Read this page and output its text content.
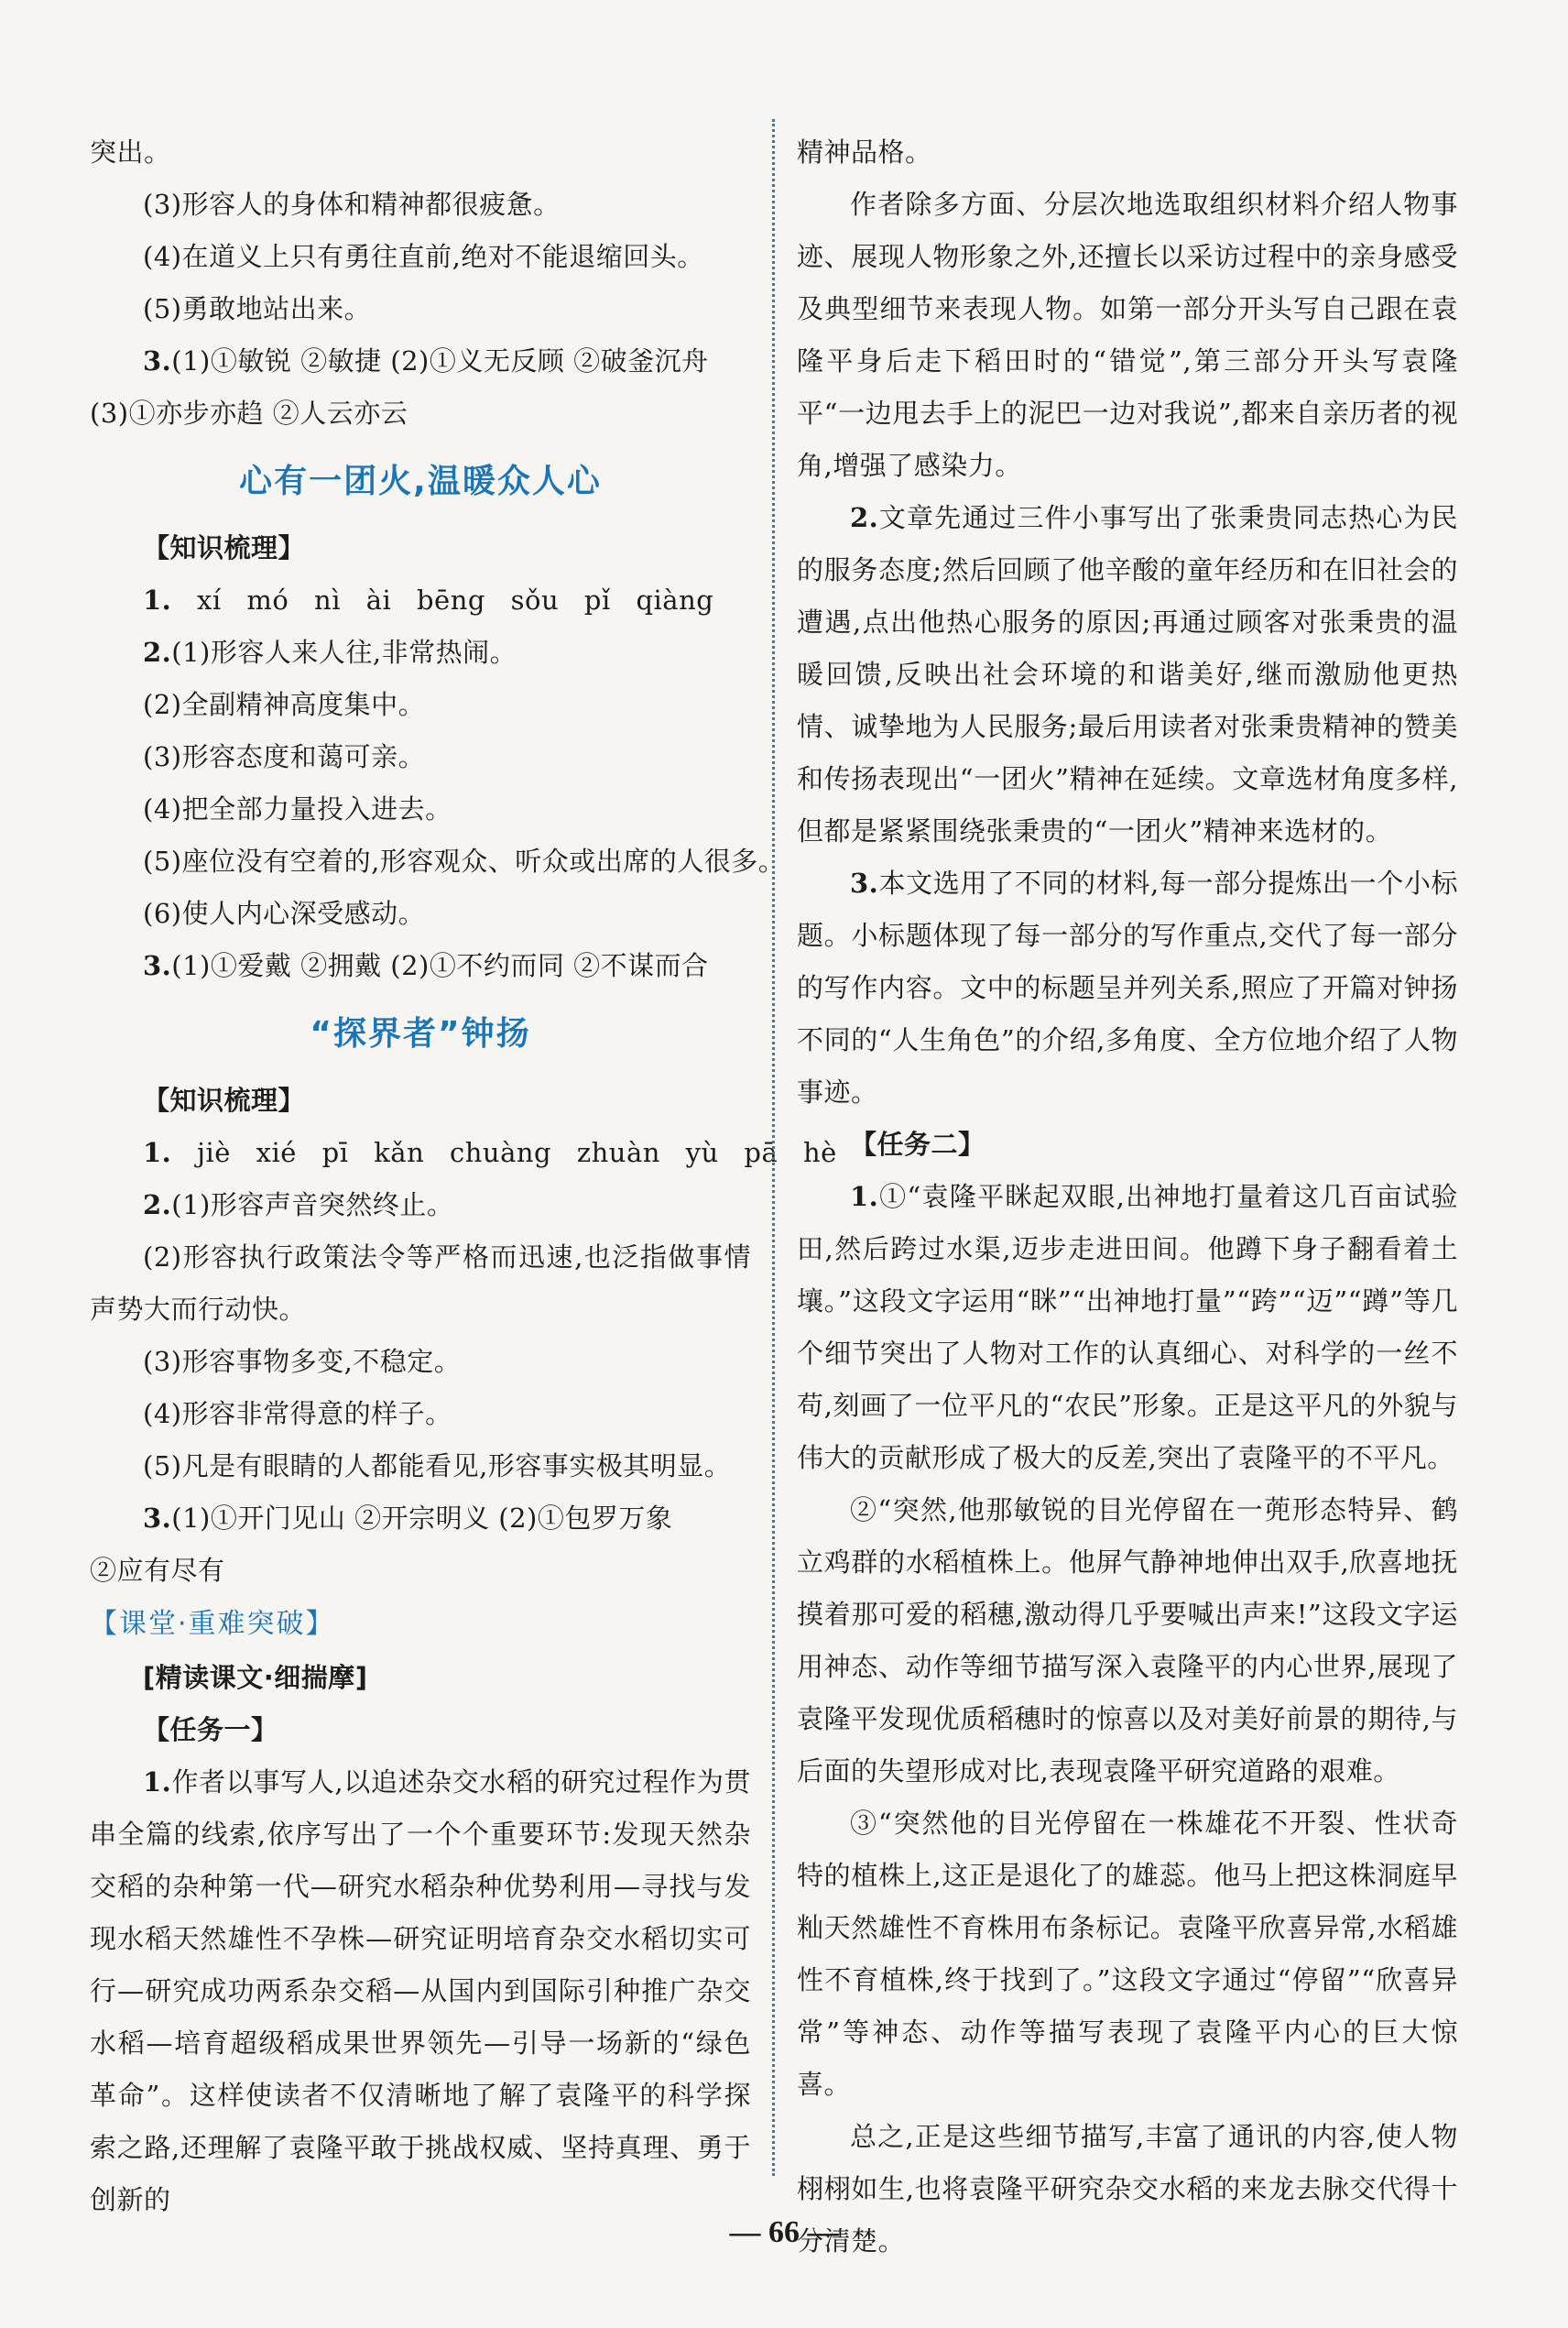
突出。

(3)形容人的身体和精神都很疲惫。

(4)在道义上只有勇往直前,绝对不能退缩回头。

(5)勇敢地站出来。

3.(1)①敏锐 ②敏捷 (2)①义无反顾 ②破釜沉舟

(3)①亦步亦趋 ②人云亦云

心有一团火,温暖众人心

【知识梳理】

1. xí mó nì ài bēng sǒu pǐ qiàng

2.(1)形容人来人往,非常热闹。

(2)全副精神高度集中。

(3)形容态度和蔼可亲。

(4)把全部力量投入进去。

(5)座位没有空着的,形容观众、听众或出席的人很多。

(6)使人内心深受感动。

3.(1)①爱戴 ②拥戴 (2)①不约而同 ②不谋而合

“探界者”钟扬

【知识梳理】

1. jiè xié pī kǎn chuàng zhuàn yù pā hè

2.(1)形容声音突然终止。

(2)形容执行政策法令等严格而迅速,也泛指做事情声势大而行动快。

(3)形容事物多变,不稳定。

(4)形容非常得意的样子。

(5)凡是有眼睛的人都能看见,形容事实极其明显。

3.(1)①开门见山 ②开宗明义 (2)①包罗万象

②应有尽有

【课堂·重难突破】

[精读课文·细揣摩]

【任务一】

1.作者以事写人,以追述杂交水稻的研究过程作为贯串全篇的线索,依序写出了一个个重要环节:发现天然杂交稻的杂种第一代—研究水稻杂种优势利用—寻找与发现水稻天然雄性不孕株—研究证明培育杂交水稻切实可行—研究成功两系杂交稻—从国内到国际引种推广杂交水稻—培育超级稻成果世界领先—引导一场新的“绿色革命”。这样使读者不仅清晰地了解了袁隆平的科学探索之路,还理解了袁隆平敢于挑战权威、坚持真理、勇于创新的

精神品格。

作者除多方面、分层次地选取组织材料介绍人物事迹、展现人物形象之外,还擅长以采访过程中的亲身感受及典型细节来表现人物。如第一部分开头写自己跟在袁隆平身后走下稻田时的“错觉”,第三部分开头写袁隆平“一边甩去手上的泥巴一边对我说”,都来自亲历者的视角,增强了感染力。

2.文章先通过三件小事写出了张秉贵同志热心为民的服务态度;然后回顾了他辛酸的童年经历和在旧社会的遭遇,点出他热心服务的原因;再通过顾客对张秉贵的温暖回馈,反映出社会环境的和谐美好,继而激励他更热情、诚挚地为人民服务;最后用读者对张秉贵精神的赞美和传扬表现出“一团火”精神在延续。文章选材角度多样,但都是紧紧围绕张秉贵的“一团火”精神来选材的。

3.本文选用了不同的材料,每一部分提炼出一个小标题。小标题体现了每一部分的写作重点,交代了每一部分的写作内容。文中的标题呈并列关系,照应了开篇对钟扬不同的“人生角色”的介绍,多角度、全方位地介绍了人物事迹。

【任务二】

1.①“袁隆平眯起双眼,出神地打量着这几百亩试验田,然后跨过水渠,迈步走进田间。他蹲下身子翻看着土壤。”这段文字运用“眯”“出神地打量”“跨”“迈”“蹲”等几个细节突出了人物对工作的认真细心、对科学的一丝不苟,刻画了一位平凡的“农民”形象。正是这平凡的外貌与伟大的贡献形成了极大的反差,突出了袁隆平的不平凡。

②“突然,他那敏锐的目光停留在一蔸形态特异、鹤立鸡群的水稻植株上。他屏气静神地伸出双手,欣喜地抚摸着那可爱的稻穗,激动得几乎要喊出声来!”这段文字运用神态、动作等细节描写深入袁隆平的内心世界,展现了袁隆平发现优质稻穗时的惊喜以及对美好前景的期待,与后面的失望形成对比,表现袁隆平研究道路的艰难。

③“突然他的目光停留在一株雄花不开裂、性状奇特的植株上,这正是退化了的雄蕊。他马上把这株洞庭早籼天然雄性不育株用布条标记。袁隆平欣喜异常,水稻雄性不育植株,终于找到了。”这段文字通过“停留”“欣喜异常”等神态、动作等描写表现了袁隆平内心的巨大惊喜。

总之,正是这些细节描写,丰富了通讯的内容,使人物栩栩如生,也将袁隆平研究杂交水稻的来龙去脉交代得十分清楚。

— 66 —
